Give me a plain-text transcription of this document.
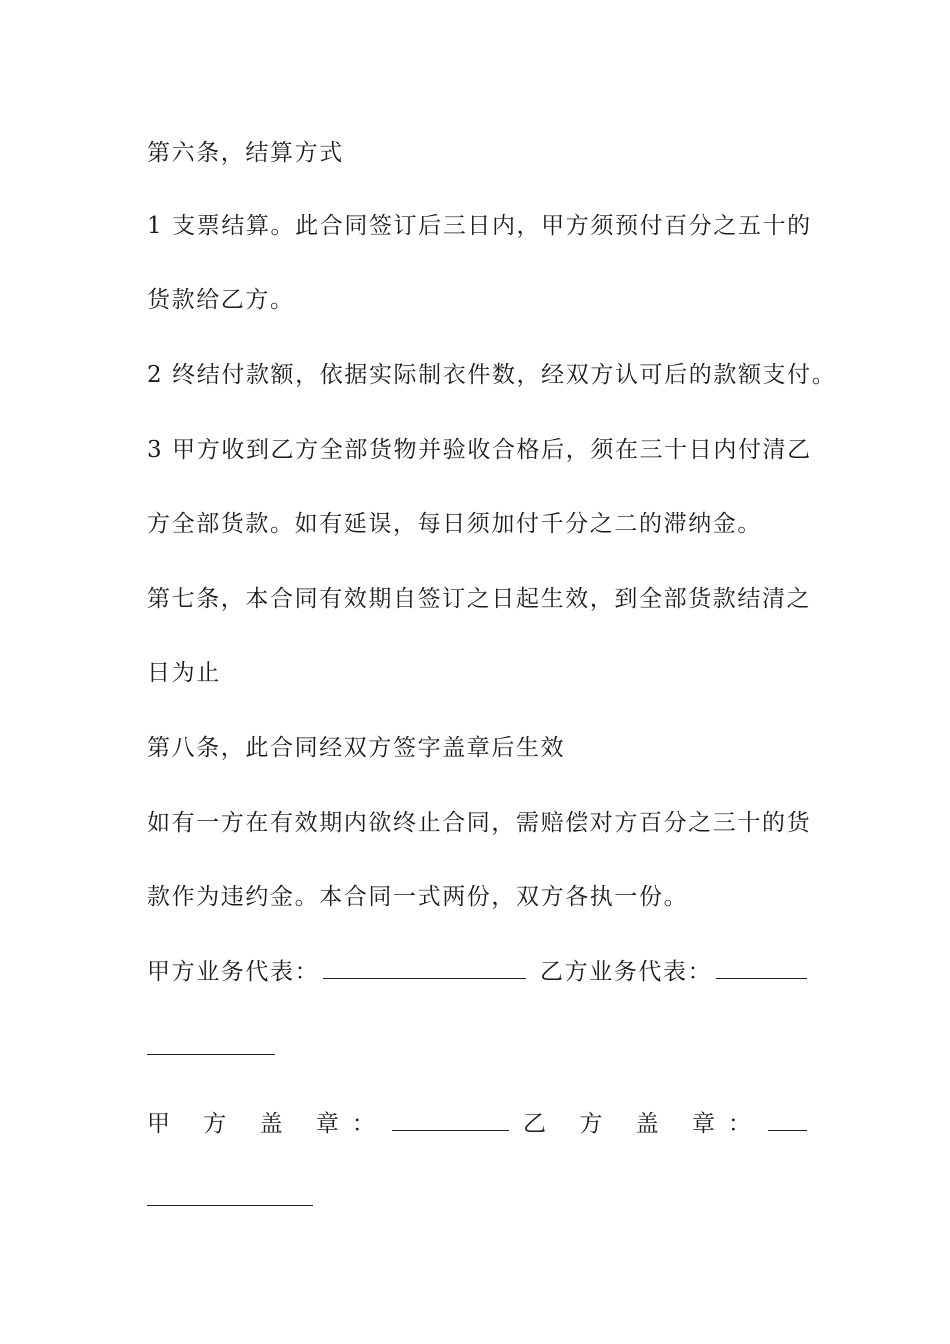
第六条，结算方式
1 支票结算。此合同签订后三日内，甲方须预付百分之五十的
货款给乙方。
2 终结付款额，依据实际制衣件数，经双方认可后的款额支付。
3 甲方收到乙方全部货物并验收合格后，须在三十日内付清乙
方全部货款。如有延误，每日须加付千分之二的滞纳金。
第七条，本合同有效期自签订之日起生效，到全部货款结清之
日为止
第八条，此合同经双方签字盖章后生效
如有一方在有效期内欲终止合同，需赔偿对方百分之三十的货
款作为违约金。本合同一式两份，双方各执一份。
甲方业务代表：	乙方业务代表：
甲 方 盖 章：	乙 方 盖 章：
